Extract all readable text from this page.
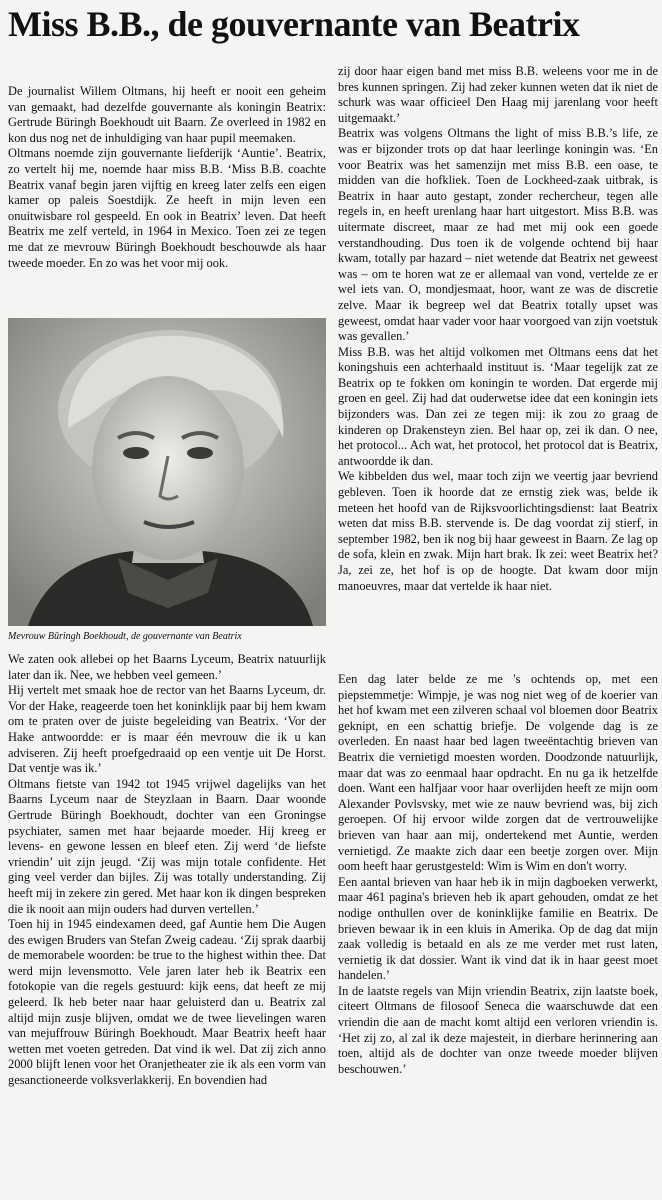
Miss B.B., de gouvernante van Beatrix

De journalist Willem Oltmans, hij heeft er nooit een geheim van gemaakt, had dezelfde gouvernante als koningin Beatrix: Gertrude Büringh Boekhoudt uit Baarn. Ze overleed in 1982 en kon dus nog net de inhuldiging van haar pupil meemaken.

Oltmans noemde zijn gouvernante liefderijk ‘Auntie’. Beatrix, zo vertelt hij me, noemde haar miss B.B. ‘Miss B.B. coachte Beatrix vanaf begin jaren vijftig en kreeg later zelfs een eigen kamer op paleis Soestdijk. Ze heeft in mijn leven een onuitwisbare rol gespeeld. En ook in Beatrix’ leven. Dat heeft Beatrix me zelf verteld, in 1964 in Mexico. Toen zei ze tegen me dat ze mevrouw Büringh Boekhoudt beschouwde als haar tweede moeder. En zo was het voor mij ook.

Mevrouw Būringh Boekhoudt, de gouvernante van Beatrix

We zaten ook allebei op het Baarns Lyceum, Beatrix natuurlijk later dan ik. Nee, we hebben veel gemeen.’

Hij vertelt met smaak hoe de rector van het Baarns Lyceum, dr. Vor der Hake, reageerde toen het koninklijk paar bij hem kwam om te praten over de juiste begeleiding van Beatrix. ‘Vor der Hake antwoordde: er is maar één mevrouw die ik u kan adviseren. Zij heeft proefgedraaid op een ventje uit De Horst. Dat ventje was ik.’

Oltmans fietste van 1942 tot 1945 vrijwel dagelijks van het Baarns Lyceum naar de Steyzlaan in Baarn. Daar woonde Gertrude Büringh Boekhoudt, dochter van een Groningse psychiater, samen met haar bejaarde moeder. Hij kreeg er levens- en gewone lessen en bleef eten. Zij werd ‘de liefste vriendin’ uit zijn jeugd. ‘Zij was mijn totale confidente. Het ging veel verder dan bijles. Zij was totally understanding. Zij heeft mij in zekere zin gered. Met haar kon ik dingen bespreken die ik nooit aan mijn ouders had durven vertellen.’

Toen hij in 1945 eindexamen deed, gaf Auntie hem Die Augen des ewigen Bruders van Stefan Zweig cadeau. ‘Zij sprak daarbij de memorabele woorden: be true to the highest within thee. Dat werd mijn levensmotto. Vele jaren later heb ik Beatrix een fotokopie van die regels gestuurd: kijk eens, dat heeft ze mij geleerd. Ik heb beter naar haar geluisterd dan u. Beatrix zal altijd mijn zusje blijven, omdat we de twee lievelingen waren van mejuffrouw Büringh Boekhoudt. Maar Beatrix heeft haar wetten met voeten getreden. Dat vind ik wel. Dat zij zich anno 2000 blijft lenen voor het Oranjetheater zie ik als een vorm van gesanctioneerde volksverlakkerij. En bovendien had

zij door haar eigen band met miss B.B. weleens voor me in de bres kunnen springen. Zij had zeker kunnen weten dat ik niet de schurk was waar officieel Den Haag mij jarenlang voor heeft uitgemaakt.’

Beatrix was volgens Oltmans the light of miss B.B.’s life, ze was er bijzonder trots op dat haar leerlinge koningin was. ‘En voor Beatrix was het samenzijn met miss B.B. een oase, te midden van die hofkliek. Toen de Lockheed-zaak uitbrak, is Beatrix in haar auto gestapt, zonder rechercheur, tegen alle regels in, en heeft urenlang haar hart uitgestort. Miss B.B. was uitermate discreet, maar ze had met mij ook een goede verstandhouding. Dus toen ik de volgende ochtend bij haar kwam, totally par hazard – niet wetende dat Beatrix net geweest was – om te horen wat ze er allemaal van vond, vertelde ze er wel iets van. O, mondjesmaat, hoor, want ze was de discretie zelve. Maar ik begreep wel dat Beatrix totally upset was geweest, omdat haar vader voor haar voorgoed van zijn voetstuk was gevallen.’

Miss B.B. was het altijd volkomen met Oltmans eens dat het koningshuis een achterhaald instituut is. ‘Maar tegelijk zat ze Beatrix op te fokken om koningin te worden. Dat ergerde mij groen en geel. Zij had dat ouderwetse idee dat een koningin iets bijzonders was. Dan zei ze tegen mij: ik zou zo graag de kinderen op Drakensteyn zien. Bel haar op, zei ik dan. O nee, het protocol... Ach wat, het protocol, het protocol dat is Beatrix, antwoordde ik dan.

We kibbelden dus wel, maar toch zijn we veertig jaar bevriend gebleven. Toen ik hoorde dat ze ernstig ziek was, belde ik meteen het hoofd van de Rijksvoorlichtingsdienst: laat Beatrix weten dat miss B.B. stervende is. De dag voordat zij stierf, in september 1982, ben ik nog bij haar geweest in Baarn. Ze lag op de sofa, klein en zwak. Mijn hart brak. Ik zei: weet Beatrix het? Ja, zei ze, het hof is op de hoogte. Dat kwam door mijn manoeuvres, maar dat vertelde ik haar niet.

Een dag later belde ze me 's ochtends op, met een piepstemmetje: Wimpje, je was nog niet weg of de koerier van het hof kwam met een zilveren schaal vol bloemen door Beatrix geknipt, en een schattig briefje. De volgende dag is ze overleden. En naast haar bed lagen tweeëntachtig brieven van Beatrix die vernietigd moesten worden. Doodzonde natuurlijk, maar dat was zo eenmaal haar opdracht. En nu ga ik hetzelfde doen. Want een halfjaar voor haar overlijden heeft ze mijn oom Alexander Povlsvsky, met wie ze nauw bevriend was, bij zich geroepen. Of hij ervoor wilde zorgen dat de vertrouwelijke brieven van haar aan mij, ondertekend met Auntie, werden vernietigd. Ze maakte zich daar een beetje zorgen over. Mijn oom heeft haar gerustgesteld: Wim is Wim en don't worry.

Een aantal brieven van haar heb ik in mijn dagboeken verwerkt, maar 461 pagina's brieven heb ik apart gehouden, omdat ze het nodige onthullen over de koninklijke familie en Beatrix. De brieven bewaar ik in een kluis in Amerika. Op de dag dat mijn zaak volledig is betaald en als ze me verder met rust laten, vernietig ik dat dossier. Want ik vind dat ik in haar geest moet handelen.’

In de laatste regels van Mijn vriendin Beatrix, zijn laatste boek, citeert Oltmans de filosoof Seneca die waarschuwde dat een vriendin die aan de macht komt altijd een verloren vriendin is. ‘Het zij zo, al zal ik deze majesteit, in dierbare herinnering aan toen, altijd als de dochter van onze tweede moeder blijven beschouwen.’
